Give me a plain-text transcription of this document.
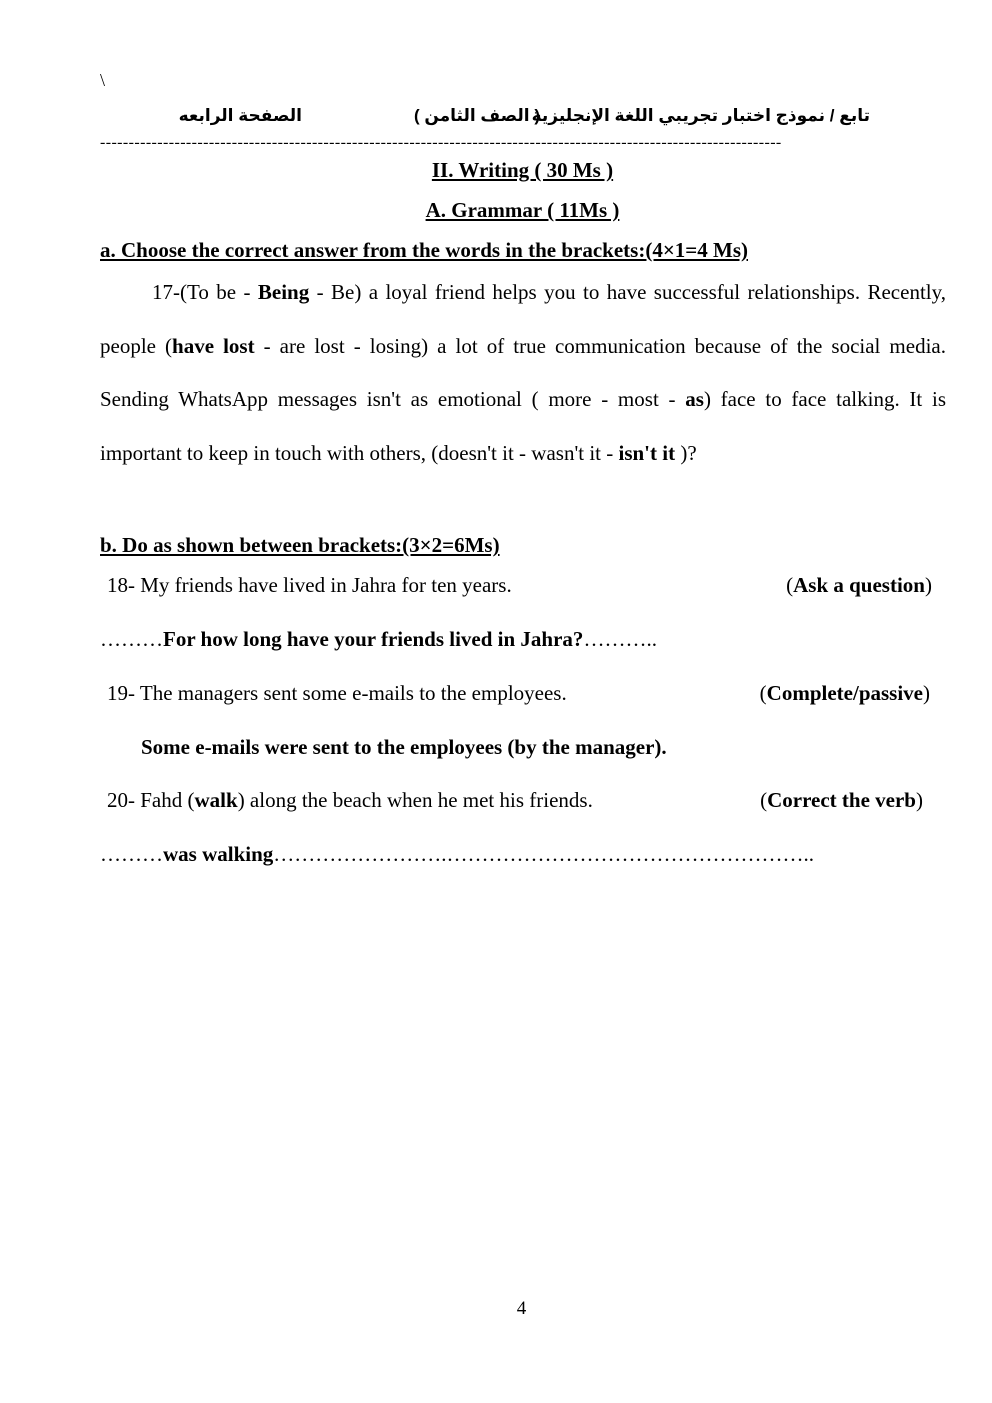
\
تابع / نموذج اختبار تجريبي اللغة الإنجليزية
( الصف الثامن )
الصفحة الرابعه
-----------------------------------------------------------------------------------------------------------------------
II. Writing ( 30 Ms )
A. Grammar ( 11Ms )
a. Choose the correct answer from the words in the brackets:(4×1=4 Ms)
17-(To be - Being - Be) a loyal friend helps you to have successful relationships. Recently, people (have lost - are lost - losing) a lot of true communication because of the social media. Sending WhatsApp messages isn't as emotional ( more - most - as) face to face talking. It is important to keep in touch with others, (doesn't it - wasn't it - isn't it )?
b. Do as shown between brackets:(3×2=6Ms)
18- My friends have lived in Jahra for ten years.	(Ask a question)
………For how long have your friends lived in Jahra?………..
19- The managers sent some e-mails to the employees.	(Complete/passive)
Some e-mails were sent to the employees (by the manager).
20- Fahd (walk) along the beach when he met his friends.	(Correct the verb)
………was walking…………………….……………………………………………..
4
